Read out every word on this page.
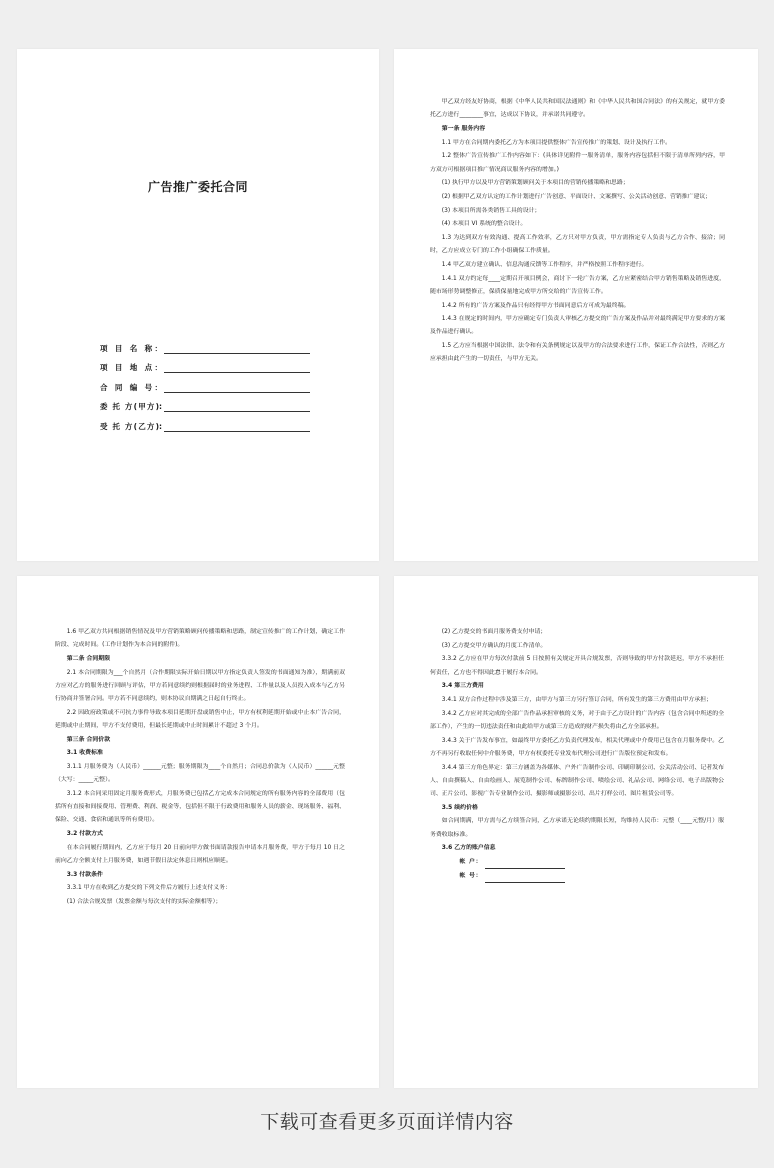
广告推广委托合同
项 目 名 称：
项 目 地 点：
合 同 编 号：
委 托 方(甲方):
受 托 方(乙方):

甲乙双方经友好协商，根据《中华人民共和国民法通则》和《中华人民共和国合同法》的有关规定，就甲方委托乙方进行________事宜，达成以下协议，并承诺共同遵守。

第一条 服务内容

1.1 甲方在合同期内委托乙方为本项目提供整体广告宣传推广的策划、设计及执行工作。

1.2 整体广告宣传推广工作内容如下：(具体详见附件一服务清单，服务内容包括但不限于清单所列内容，甲方双方可根据项目推广情况商议服务内容的增加。)

(1) 执行甲方以及甲方营销策划顾问关于本项目的营销传播策略和思路；

(2) 根据甲乙双方认定的工作计划进行广告创意、平面设计、文案撰写、公关活动创意、营销推广建议；

(3) 本项目所需各类销售工具的设计；

(4) 本项目 VI 系统的整合设计。

1.3 为达到双方有效沟通、提高工作效率，乙方只对甲方负责，甲方需指定专人负责与乙方合作、接洽；同时，乙方应成立专门的工作小组确保工作质量。

1.4 甲乙双方建立确认、信息沟通反馈等工作程序，并严格按照工作程序进行。

1.4.1 双方约定每____定期召开项目例会，商讨下一轮广告方案，乙方应紧密结合甲方销售策略及销售进度，随市场形势调整修正，保质保量地完成甲方所交给的广告宣传工作。

1.4.2 所有的广告方案及作品只有经得甲方书面同意后方可成为最终稿。

1.4.3 在规定的时间内，甲方应确定专门负责人审核乙方提交的广告方案及作品并对最终满足甲方要求的方案及作品进行确认。

1.5 乙方应当根据中国法律、法令和有关条例规定以及甲方的合法要求进行工作，保证工作合法性，否则乙方应承担由此产生的一切责任，与甲方无关。

1.6 甲乙双方共同根据销售情况及甲方营销策略顾问传播策略和思路，制定宣传推广的工作计划，确定工作阶段、完成时间。(工作计划作为本合同的附件)。

第二条 合同期限

2.1 本合同期限为___个自然月（合作期限实际开始日期以甲方指定负责人签发的书面通知为准），期满前双方应对乙方的服务进行回顾与评估，甲方若同意续约则根据届时的业务进程、工作量以及人员投入成本与乙方另行协商并签署合同。甲方若不同意续约，则本协议自期满之日起自行终止。

2.2 因政府政策或不可抗力事件导致本项目延期开盘或销售中止，甲方有权利延期开始或中止本广告合同，延期或中止期间，甲方不支付费用，但最长延期或中止时间累计不超过 3 个月。

第三条 合同价款

3.1 收费标准

3.1.1 月服务费为（人民币）______元整；服务期限为____个自然月；合同总价款为（人民币）______元整（大写：_____元整）。

3.1.2 本合同采用固定月服务费形式，月服务费已包括乙方完成本合同规定的所有服务内容的全部费用（包括所有直接和间接费用、管理费、利润、税金等，包括但不限于行政费用和服务人员的薪金、现场服务、福利、保险、交通、食宿和通讯等所有费用）。

3.2 付款方式

在本合同履行期间内，乙方应于每月 20 日前向甲方做书面请款报告申请本月服务费，甲方于每月 10 日之前向乙方全额支付上月服务费，如遇节假日法定休息日则相应顺延。

3.3 付款条件

3.3.1 甲方在收到乙方提交的下列文件后方履行上述支付义务：

(1) 合法合规发票（发票金额与每次支付的实际金额相等）；

(2) 乙方提交的书面月服务费支付申请；

(3) 乙方提交甲方确认的月度工作清单。

3.3.2 乙方应在甲方每次付款前 5 日按照有关规定开具合规发票，否则导致的甲方付款延迟，甲方不承担任何责任，乙方也不得因此怠于履行本合同。

3.4 第三方费用

3.4.1 双方合作过程中涉及第三方，由甲方与第三方另行签订合同，所有发生的第三方费用由甲方承担；

3.4.2 乙方应对其完成的全部广告作品承担审核的义务，对于由于乙方设计的广告内容（包含合同中所述的全部工作），产生的一切违法责任和由此给甲方或第三方造成的财产损失将由乙方全部承担。

3.4.3 关于广告发布事宜，如最终甲方委托乙方负责代理发布，相关代理或中介费用已包含在月服务费中。乙方不再另行收取任何中介服务费，甲方有权委托专业发布代理公司进行广告版位预定和发布。

3.4.4 第三方角色界定：第三方涵盖为各媒体、户外广告制作公司、印刷印制公司、公关活动公司、记者发布人、自由撰稿人、自由绘画人、展览制作公司、标牌制作公司、喷绘公司、礼品公司、网络公司、电子出版物公司、正片公司、影视广告专业制作公司、摄影师或摄影公司、出片打样公司、图片租赁公司等。

3.5 续约价格

如合同期满，甲方需与乙方续签合同，乙方承诺无论续约期限长短，均维持人民币：元整（____元整/月）服务费收取标准。

3.6 乙方的账户信息

帐 户：

帐 号：

下载可查看更多页面详情内容
